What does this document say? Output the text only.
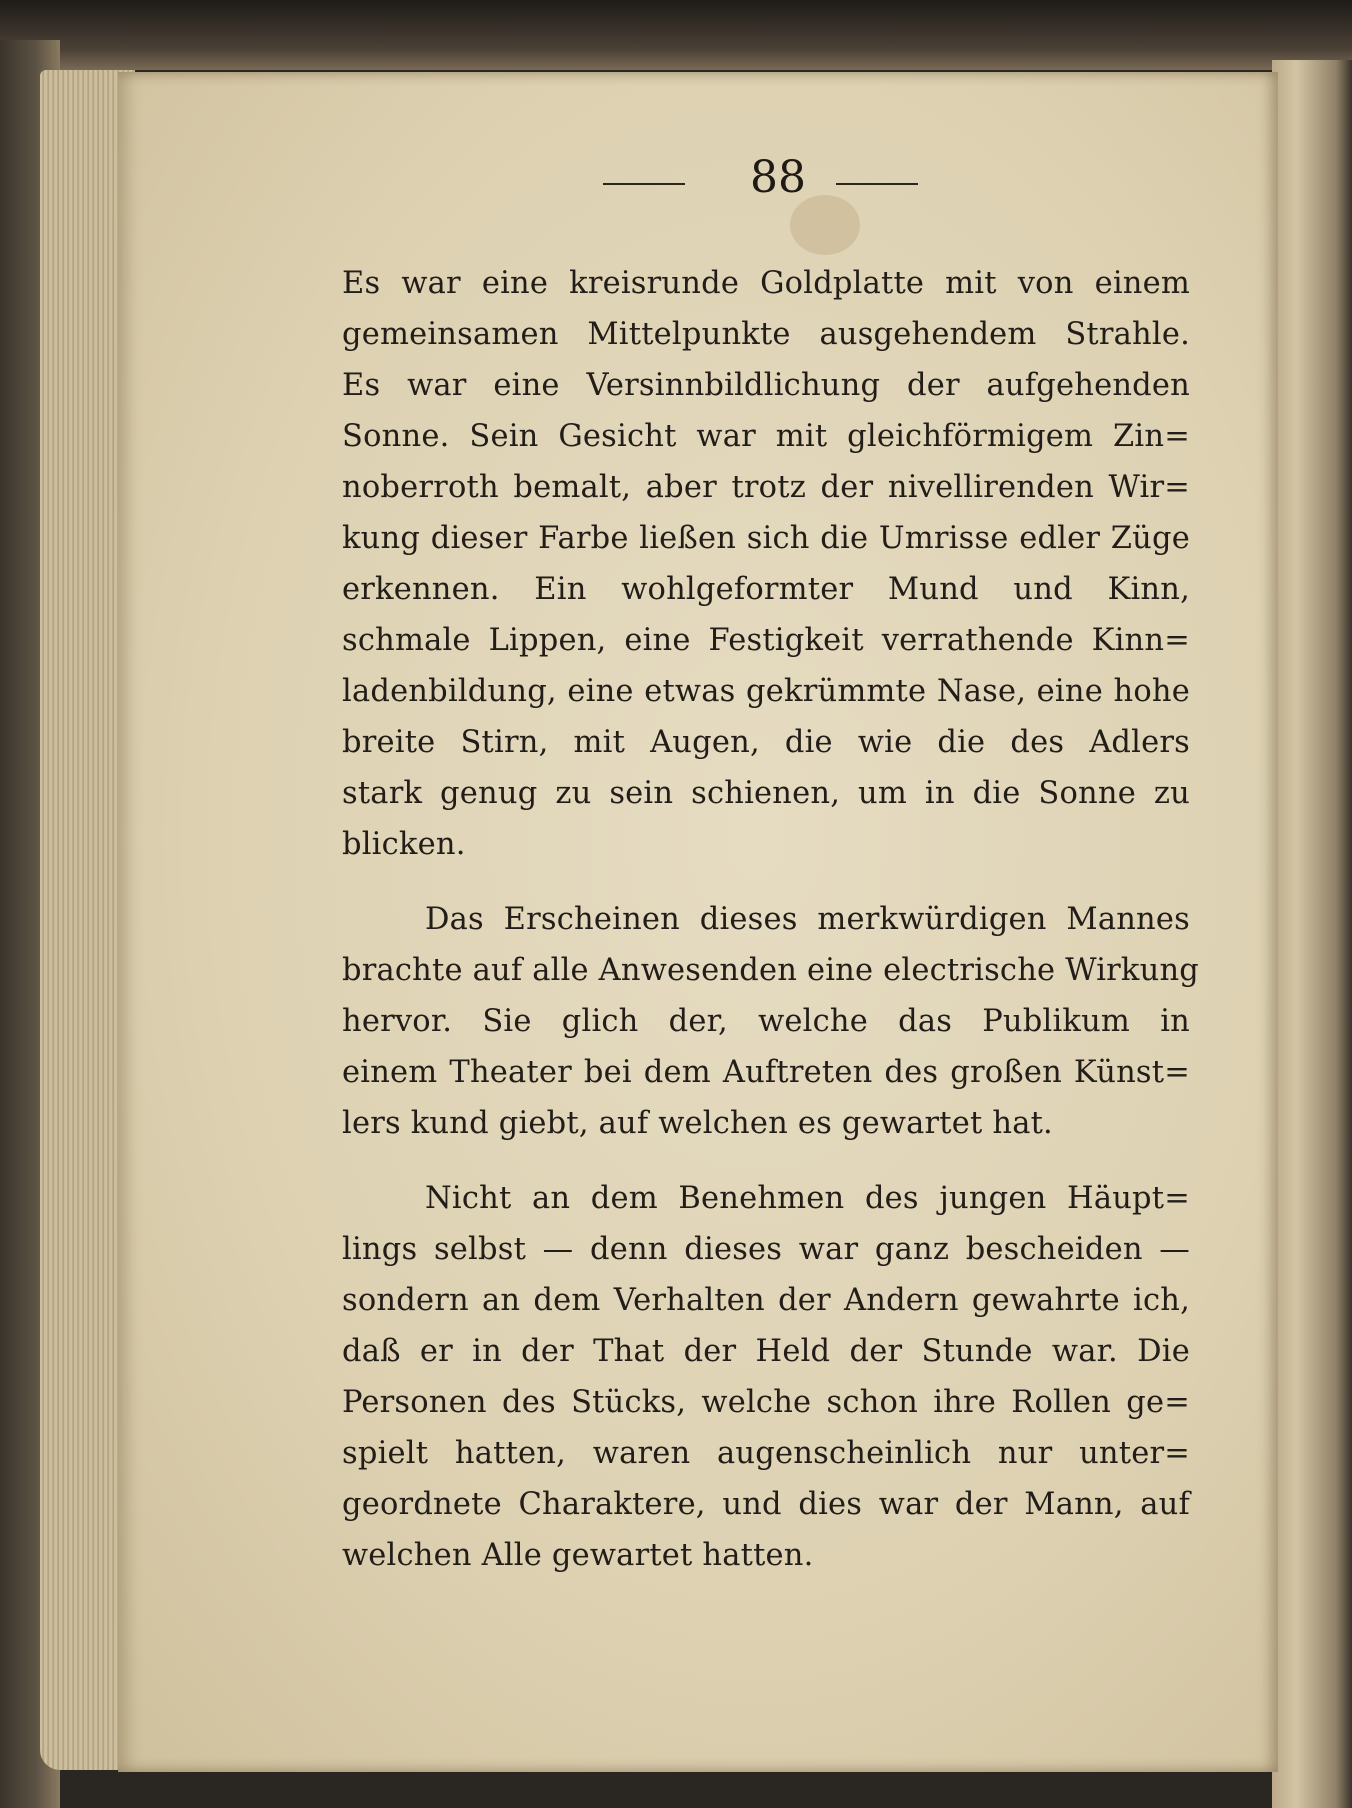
88
Es war eine kreisrunde Goldplatte mit von einem
gemeinsamen Mittelpunkte ausgehendem Strahle.
Es war eine Versinnbildlichung der aufgehenden
Sonne. Sein Gesicht war mit gleichförmigem Zin=
noberroth bemalt, aber trotz der nivellirenden Wir=
kung dieser Farbe ließen sich die Umrisse edler Züge
erkennen. Ein wohlgeformter Mund und Kinn,
schmale Lippen, eine Festigkeit verrathende Kinn=
ladenbildung, eine etwas gekrümmte Nase, eine hohe
breite Stirn, mit Augen, die wie die des Adlers
stark genug zu sein schienen, um in die Sonne zu
blicken.
Das Erscheinen dieses merkwürdigen Mannes
brachte auf alle Anwesenden eine electrische Wirkung
hervor. Sie glich der, welche das Publikum in
einem Theater bei dem Auftreten des großen Künst=
lers kund giebt, auf welchen es gewartet hat.
Nicht an dem Benehmen des jungen Häupt=
lings selbst — denn dieses war ganz bescheiden —
sondern an dem Verhalten der Andern gewahrte ich,
daß er in der That der Held der Stunde war. Die
Personen des Stücks, welche schon ihre Rollen ge=
spielt hatten, waren augenscheinlich nur unter=
geordnete Charaktere, und dies war der Mann, auf
welchen Alle gewartet hatten.
